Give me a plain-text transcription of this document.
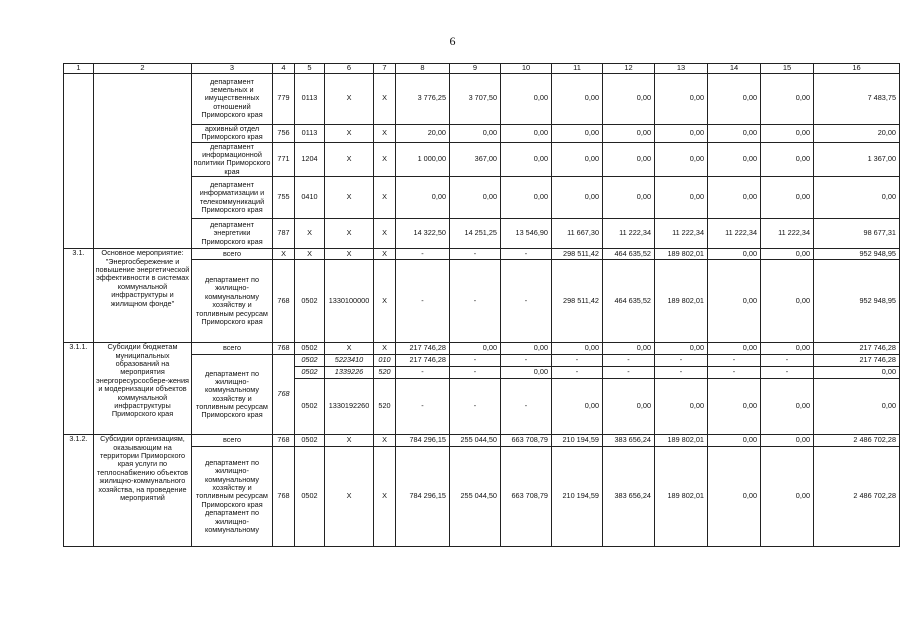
6
1	2	3	4	5	6	7	8	9	10	11	12	13	14	15	16
		департамент земельных и имущественных отношений Приморского края	779	0113	X	X	3 776,25	3 707,50	0,00	0,00	0,00	0,00	0,00	0,00	7 483,75
		архивный отдел Приморского края	756	0113	X	X	20,00	0,00	0,00	0,00	0,00	0,00	0,00	0,00	20,00
		департамент информационной политики Приморского края	771	1204	X	X	1 000,00	367,00	0,00	0,00	0,00	0,00	0,00	0,00	1 367,00
		департамент информатизации и телекоммуникаций Приморского края	755	0410	X	X	0,00	0,00	0,00	0,00	0,00	0,00	0,00	0,00	0,00
		департамент энергетики Приморского края	787	X	X	X	14 322,50	14 251,25	13 546,90	11 667,30	11 222,34	11 222,34	11 222,34	11 222,34	98 677,31
3.1.	Основное мероприятие: "Энергосбережение и повышение энергетической эффективности в системах коммунальной инфраструктуры и жилищном фонде"	всего	X	X	X	X	-	-	-	298 511,42	464 635,52	189 802,01	0,00	0,00	952 948,95
		департамент по жилищно-коммунальному хозяйству и топливным ресурсам Приморского края	768	0502	1330100000	X	-	-	-	298 511,42	464 635,52	189 802,01	0,00	0,00	952 948,95
3.1.1.	Субсидии бюджетам муниципальных образований на мероприятия энергоресурсосбере-жения и модернизации объектов коммунальной инфраструктуры Приморского края	всего	768	0502	X	X	217 746,28	0,00	0,00	0,00	0,00	0,00	0,00	0,00	217 746,28
		департамент по жилищно-коммунальному хозяйству и топливным ресурсам Приморского края	768	0502	5223410	010	217 746,28	-	-	-	-	-	-	-	217 746,28
				0502	1339226	520	-	-	0,00	-	-	-	-	-	0,00
				0502	1330192260	520	-	-	-	0,00	0,00	0,00	0,00	0,00	0,00
3.1.2.	Субсидии организациям, оказывающим на территории Приморского края услуги по теплоснабжению объектов жилищно-коммунального хозяйства, на проведение мероприятий	всего	768	0502	X	X	784 296,15	255 044,50	663 708,79	210 194,59	383 656,24	189 802,01	0,00	0,00	2 486 702,28
		департамент по жилищно-коммунальному хозяйству и топливным ресурсам Приморского края департамент по жилищно-коммунальному	768	0502	X	X	784 296,15	255 044,50	663 708,79	210 194,59	383 656,24	189 802,01	0,00	0,00	2 486 702,28
